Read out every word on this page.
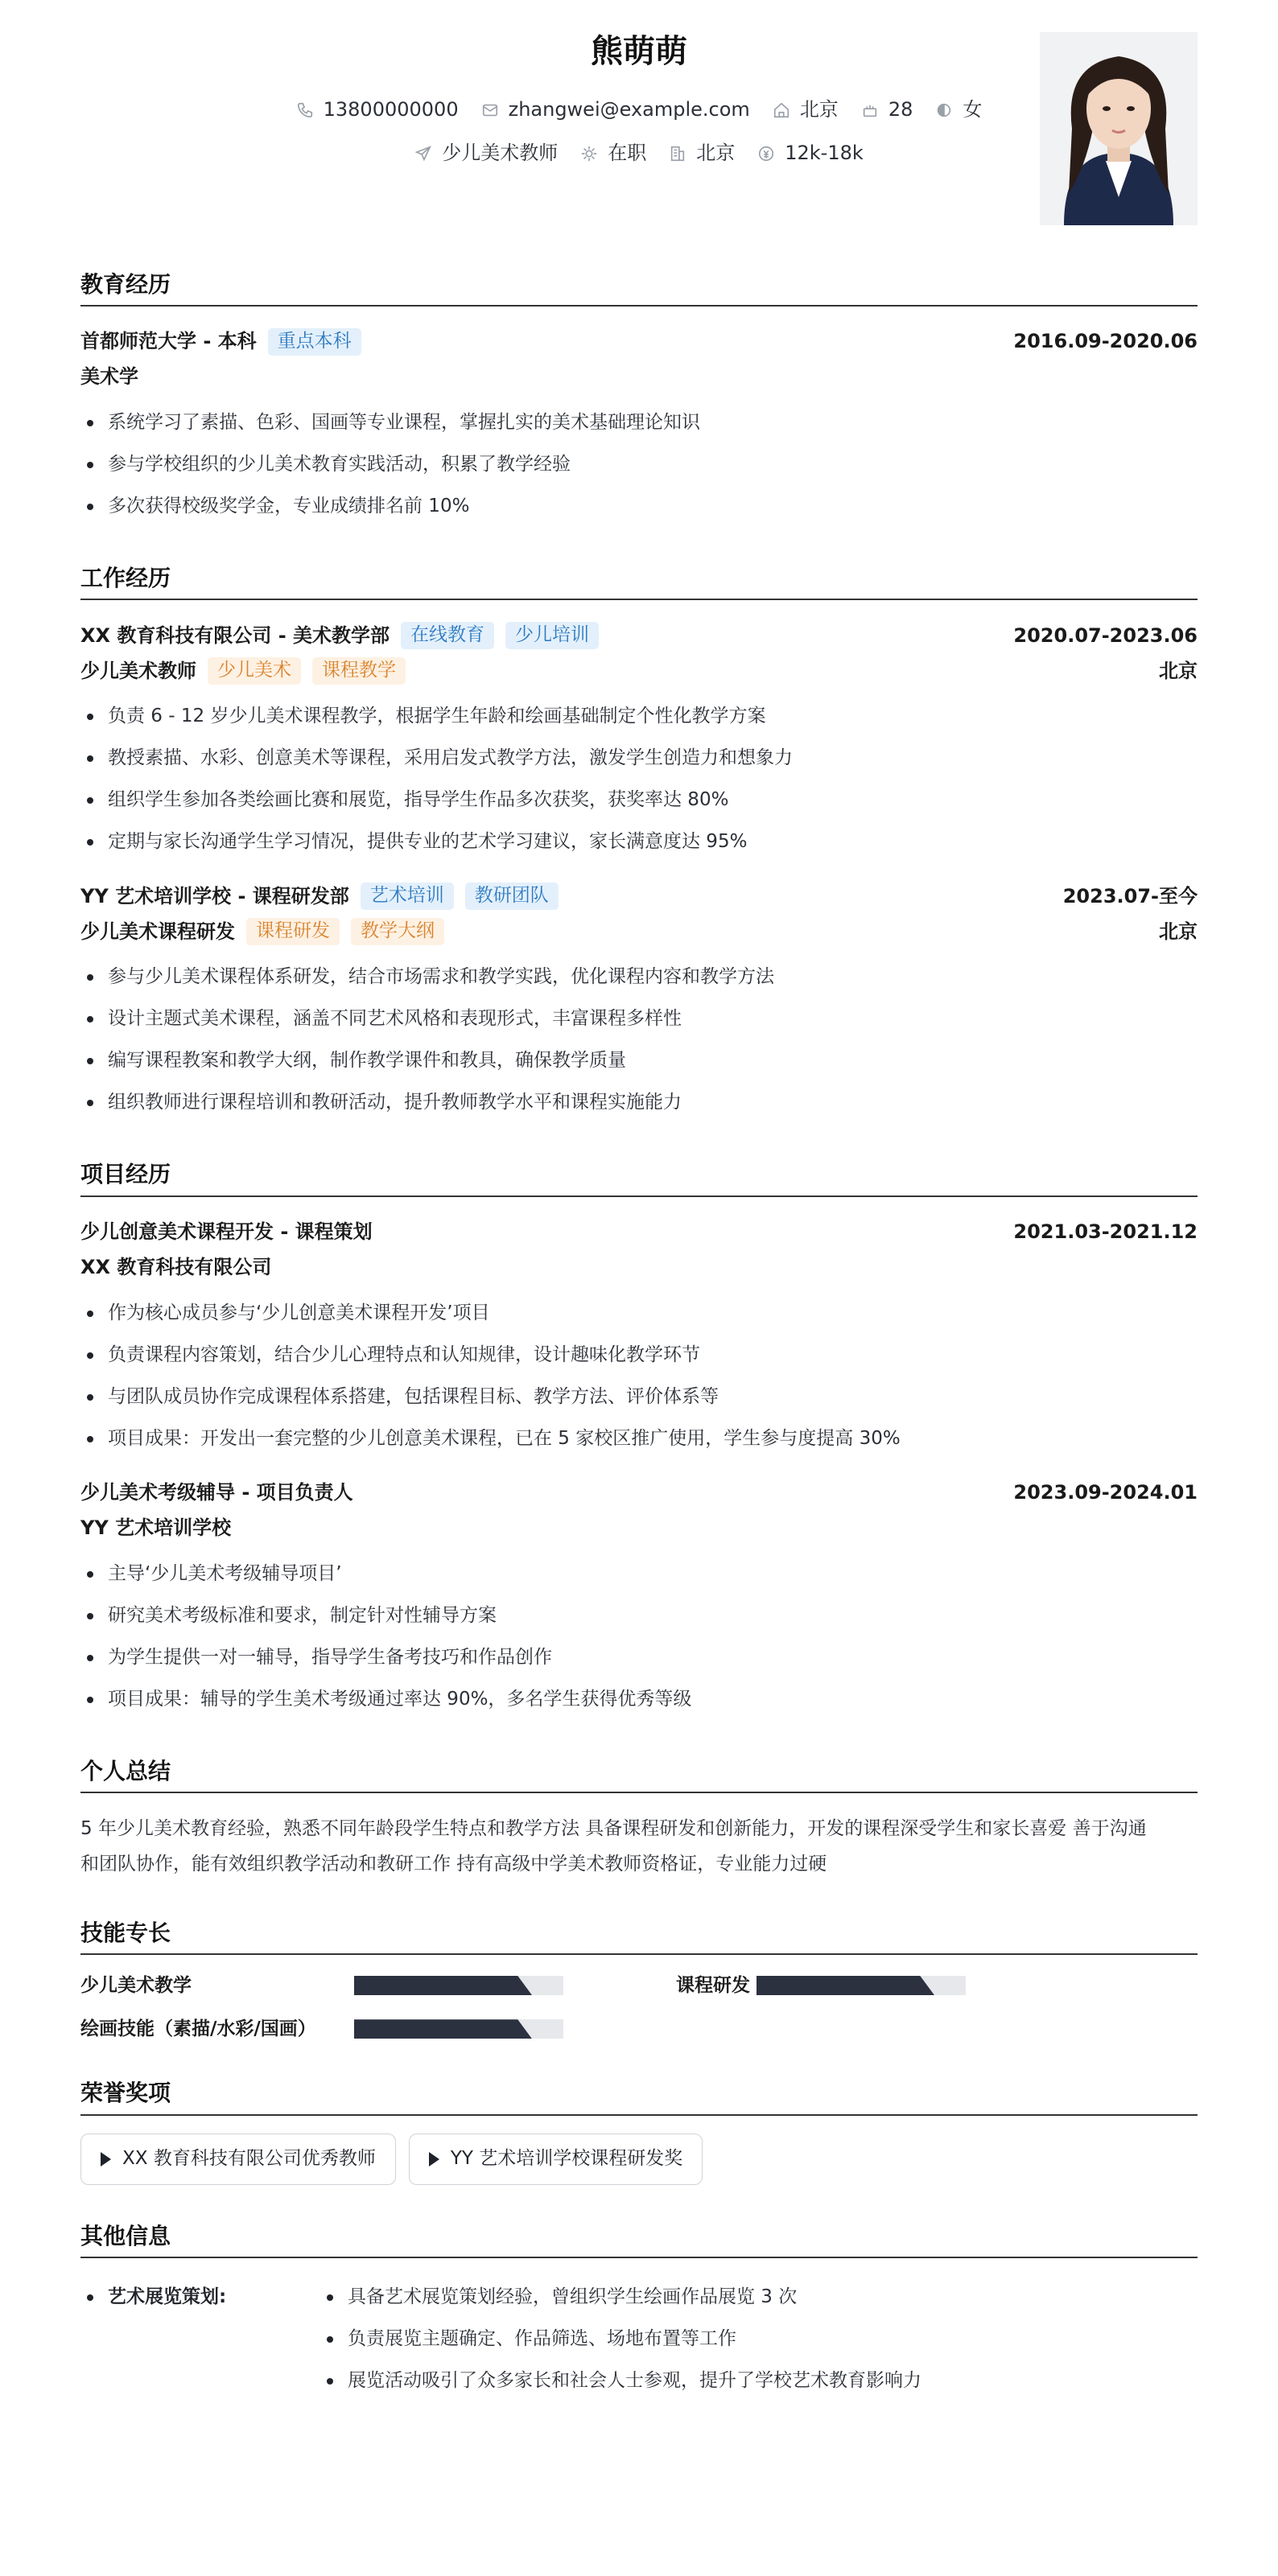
熊萌萌
13800000000	zhangwei@example.com	北京	28	女
少儿美术教师	在职	北京	12k-18k
教育经历
首都师范大学 - 本科	重点本科	2016.09-2020.06
美术学
系统学习了素描、色彩、国画等专业课程，掌握扎实的美术基础理论知识
参与学校组织的少儿美术教育实践活动，积累了教学经验
多次获得校级奖学金，专业成绩排名前 10%
工作经历
XX 教育科技有限公司 - 美术教学部	在线教育	少儿培训	2020.07-2023.06
少儿美术教师	少儿美术	课程教学	北京
负责 6 - 12 岁少儿美术课程教学，根据学生年龄和绘画基础制定个性化教学方案
教授素描、水彩、创意美术等课程，采用启发式教学方法，激发学生创造力和想象力
组织学生参加各类绘画比赛和展览，指导学生作品多次获奖，获奖率达 80%
定期与家长沟通学生学习情况，提供专业的艺术学习建议，家长满意度达 95%
YY 艺术培训学校 - 课程研发部	艺术培训	教研团队	2023.07-至今
少儿美术课程研发	课程研发	教学大纲	北京
参与少儿美术课程体系研发，结合市场需求和教学实践，优化课程内容和教学方法
设计主题式美术课程，涵盖不同艺术风格和表现形式，丰富课程多样性
编写课程教案和教学大纲，制作教学课件和教具，确保教学质量
组织教师进行课程培训和教研活动，提升教师教学水平和课程实施能力
项目经历
少儿创意美术课程开发 - 课程策划	2021.03-2021.12
XX 教育科技有限公司
作为核心成员参与‘少儿创意美术课程开发’项目
负责课程内容策划，结合少儿心理特点和认知规律，设计趣味化教学环节
与团队成员协作完成课程体系搭建，包括课程目标、教学方法、评价体系等
项目成果：开发出一套完整的少儿创意美术课程，已在 5 家校区推广使用，学生参与度提高 30%
少儿美术考级辅导 - 项目负责人	2023.09-2024.01
YY 艺术培训学校
主导‘少儿美术考级辅导项目’
研究美术考级标准和要求，制定针对性辅导方案
为学生提供一对一辅导，指导学生备考技巧和作品创作
项目成果：辅导的学生美术考级通过率达 90%，多名学生获得优秀等级
个人总结
5 年少儿美术教育经验，熟悉不同年龄段学生特点和教学方法 具备课程研发和创新能力，开发的课程深受学生和家长喜爱 善于沟通
和团队协作，能有效组织教学活动和教研工作 持有高级中学美术教师资格证，专业能力过硬
技能专长
少儿美术教学	课程研发
绘画技能（素描/水彩/国画）
荣誉奖项
XX 教育科技有限公司优秀教师	YY 艺术培训学校课程研发奖
其他信息
艺术展览策划:	具备艺术展览策划经验，曾组织学生绘画作品展览 3 次
负责展览主题确定、作品筛选、场地布置等工作
展览活动吸引了众多家长和社会人士参观，提升了学校艺术教育影响力
